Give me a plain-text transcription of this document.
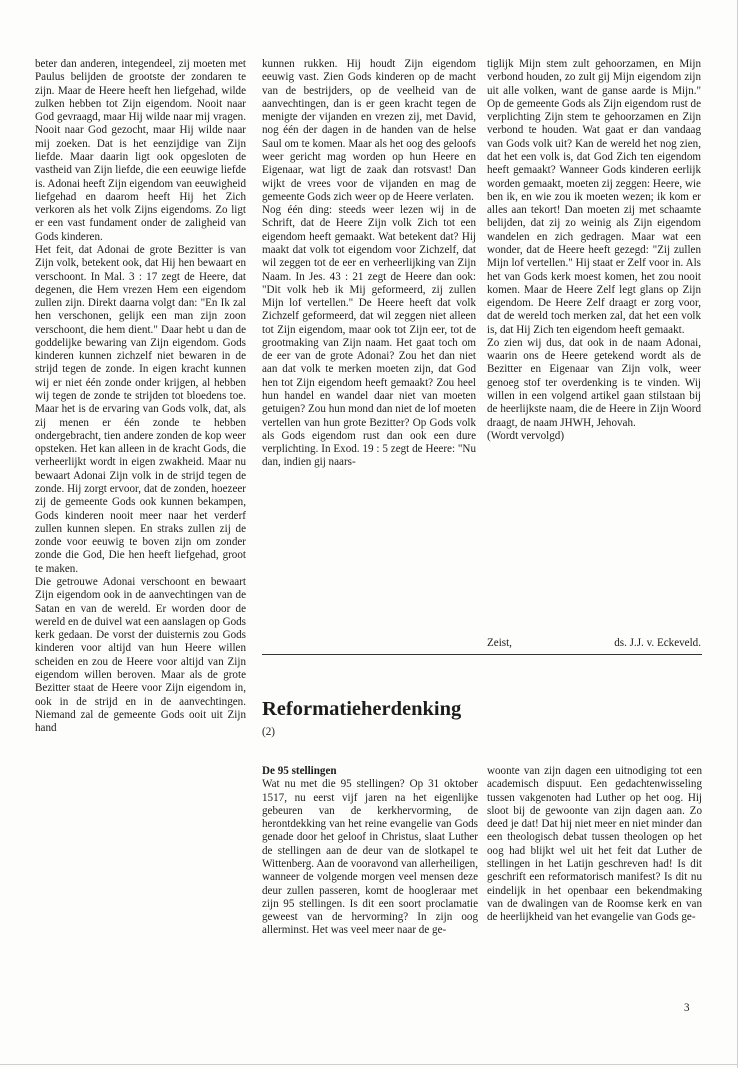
beter dan anderen, integendeel, zij moeten met Paulus belijden de grootste der zondaren te zijn. Maar de Heere heeft hen liefgehad, wilde zulken hebben tot Zijn eigendom. Nooit naar God gevraagd, maar Hij wilde naar mij vragen. Nooit naar God gezocht, maar Hij wilde naar mij zoeken. Dat is het eenzijdige van Zijn liefde. Maar daarin ligt ook opgesloten de vastheid van Zijn liefde, die een eeuwige liefde is. Adonai heeft Zijn eigendom van eeuwigheid liefgehad en daarom heeft Hij het Zich verkoren als het volk Zijns eigendoms. Zo ligt er een vast fundament onder de zaligheid van Gods kinderen.

Het feit, dat Adonai de grote Bezitter is van Zijn volk, betekent ook, dat Hij hen bewaart en verschoont. In Mal. 3 : 17 zegt de Heere, dat degenen, die Hem vrezen Hem een eigendom zullen zijn. Direkt daarna volgt dan: "En Ik zal hen verschonen, gelijk een man zijn zoon verschoont, die hem dient." Daar hebt u dan de goddelijke bewaring van Zijn eigendom. Gods kinderen kunnen zichzelf niet bewaren in de strijd tegen de zonde. In eigen kracht kunnen wij er niet één zonde onder krijgen, al hebben wij tegen de zonde te strijden tot bloedens toe. Maar het is de ervaring van Gods volk, dat, als zij menen er één zonde te hebben ondergebracht, tien andere zonden de kop weer opsteken. Het kan alleen in de kracht Gods, die verheerlijkt wordt in eigen zwakheid. Maar nu bewaart Adonai Zijn volk in de strijd tegen de zonde. Hij zorgt ervoor, dat de zonden, hoezeer zij de gemeente Gods ook kunnen bekampen, Gods kinderen nooit meer naar het verderf zullen kunnen slepen. En straks zullen zij de zonde voor eeuwig te boven zijn om zonder zonde die God, Die hen heeft liefgehad, groot te maken.

Die getrouwe Adonai verschoont en bewaart Zijn eigendom ook in de aanvechtingen van de Satan en van de wereld. Er worden door de wereld en de duivel wat een aanslagen op Gods kerk gedaan. De vorst der duisternis zou Gods kinderen voor altijd van hun Heere willen scheiden en zou de Heere voor altijd van Zijn eigendom willen beroven. Maar als de grote Bezitter staat de Heere voor Zijn eigendom in, ook in de strijd en in de aanvechtingen. Niemand zal de gemeente Gods ooit uit Zijn hand

kunnen rukken. Hij houdt Zijn eigendom eeuwig vast. Zien Gods kinderen op de macht van de bestrijders, op de veelheid van de aanvechtingen, dan is er geen kracht tegen de menigte der vijanden en vrezen zij, met David, nog één der dagen in de handen van de helse Saul om te komen. Maar als het oog des geloofs weer gericht mag worden op hun Heere en Eigenaar, wat ligt de zaak dan rotsvast! Dan wijkt de vrees voor de vijanden en mag de gemeente Gods zich weer op de Heere verlaten.

Nog één ding: steeds weer lezen wij in de Schrift, dat de Heere Zijn volk Zich tot een eigendom heeft gemaakt. Wat betekent dat? Hij maakt dat volk tot eigendom voor Zichzelf, dat wil zeggen tot de eer en verheerlijking van Zijn Naam. In Jes. 43 : 21 zegt de Heere dan ook: "Dit volk heb ik Mij geformeerd, zij zullen Mijn lof vertellen." De Heere heeft dat volk Zichzelf geformeerd, dat wil zeggen niet alleen tot Zijn eigendom, maar ook tot Zijn eer, tot de grootmaking van Zijn naam. Het gaat toch om de eer van de grote Adonai? Zou het dan niet aan dat volk te merken moeten zijn, dat God hen tot Zijn eigendom heeft gemaakt? Zou heel hun handel en wandel daar niet van moeten getuigen? Zou hun mond dan niet de lof moeten vertellen van hun grote Bezitter? Op Gods volk als Gods eigendom rust dan ook een dure verplichting. In Exod. 19 : 5 zegt de Heere: "Nu dan, indien gij naars-

tiglijk Mijn stem zult gehoorzamen, en Mijn verbond houden, zo zult gij Mijn eigendom zijn uit alle volken, want de ganse aarde is Mijn." Op de gemeente Gods als Zijn eigendom rust de verplichting Zijn stem te gehoorzamen en Zijn verbond te houden. Wat gaat er dan vandaag van Gods volk uit? Kan de wereld het nog zien, dat het een volk is, dat God Zich ten eigendom heeft gemaakt? Wanneer Gods kinderen eerlijk worden gemaakt, moeten zij zeggen: Heere, wie ben ik, en wie zou ik moeten wezen; ik kom er alles aan tekort! Dan moeten zij met schaamte belijden, dat zij zo weinig als Zijn eigendom wandelen en zich gedragen. Maar wat een wonder, dat de Heere heeft gezegd: "Zij zullen Mijn lof vertellen." Hij staat er Zelf voor in. Als het van Gods kerk moest komen, het zou nooit komen. Maar de Heere Zelf legt glans op Zijn eigendom. De Heere Zelf draagt er zorg voor, dat de wereld toch merken zal, dat het een volk is, dat Hij Zich ten eigendom heeft gemaakt.

Zo zien wij dus, dat ook in de naam Adonai, waarin ons de Heere getekend wordt als de Bezitter en Eigenaar van Zijn volk, weer genoeg stof ter overdenking is te vinden. Wij willen in een volgend artikel gaan stilstaan bij de heerlijkste naam, die de Heere in Zijn Woord draagt, de naam JHWH, Jehovah.

(Wordt vervolgd)

Zeist,	ds. J.J. v. Eckeveld.
Reformatieherdenking
(2)

De 95 stellingen

Wat nu met die 95 stellingen? Op 31 oktober 1517, nu eerst vijf jaren na het eigenlijke gebeuren van de kerkhervorming, de herontdekking van het reine evangelie van Gods genade door het geloof in Christus, slaat Luther de stellingen aan de deur van de slotkapel te Wittenberg. Aan de vooravond van allerheiligen, wanneer de volgende morgen veel mensen deze deur zullen passeren, komt de hoogleraar met zijn 95 stellingen. Is dit een soort proclamatie geweest van de hervorming? In zijn oog allerminst. Het was veel meer naar de ge-

woonte van zijn dagen een uitnodiging tot een academisch dispuut. Een gedachtenwisseling tussen vakgenoten had Luther op het oog. Hij sloot bij de gewoonte van zijn dagen aan. Zo deed je dat! Dat hij niet meer en niet minder dan een theologisch debat tussen theologen op het oog had blijkt wel uit het feit dat Luther de stellingen in het Latijn geschreven had! Is dit geschrift een reformatorisch manifest? Is dit nu eindelijk in het openbaar een bekendmaking van de dwalingen van de Roomse kerk en van de heerlijkheid van het evangelie van Gods ge-

3
